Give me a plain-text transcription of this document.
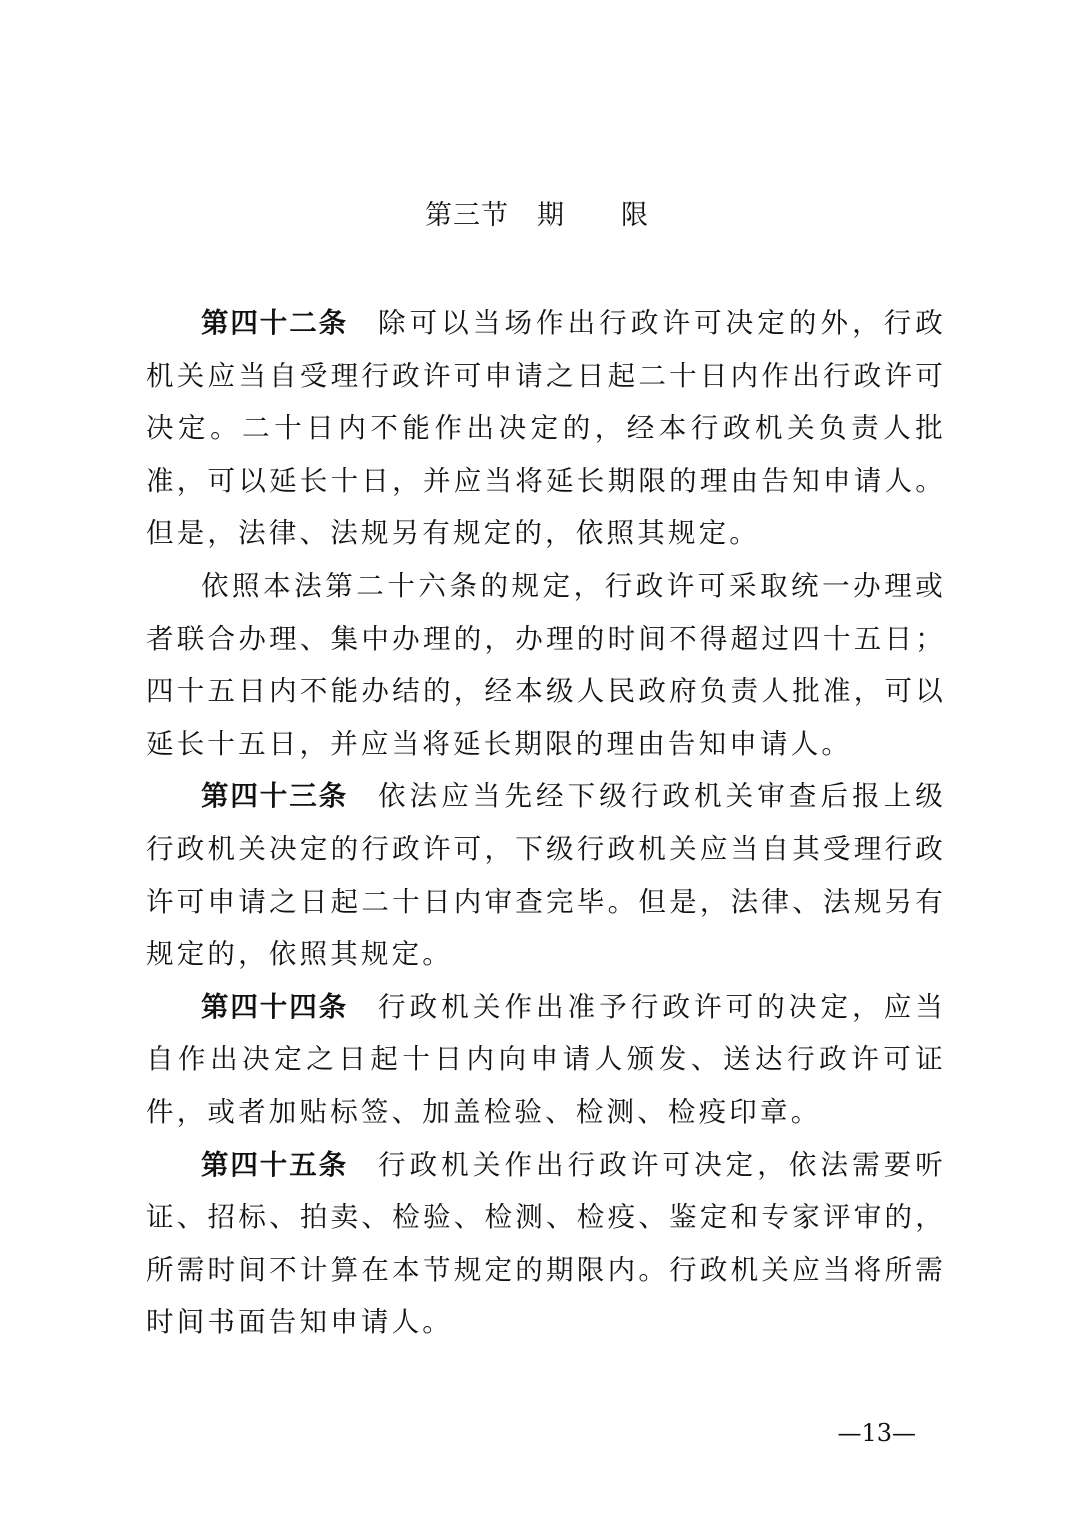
第三节　期　　限

第四十二条 除可以当场作出行政许可决定的外，行政机关应当自受理行政许可申请之日起二十日内作出行政许可决定。二十日内不能作出决定的，经本行政机关负责人批准，可以延长十日，并应当将延长期限的理由告知申请人。但是，法律、法规另有规定的，依照其规定。

依照本法第二十六条的规定，行政许可采取统一办理或者联合办理、集中办理的，办理的时间不得超过四十五日；四十五日内不能办结的，经本级人民政府负责人批准，可以延长十五日，并应当将延长期限的理由告知申请人。

第四十三条 依法应当先经下级行政机关审查后报上级行政机关决定的行政许可，下级行政机关应当自其受理行政许可申请之日起二十日内审查完毕。但是，法律、法规另有规定的，依照其规定。

第四十四条 行政机关作出准予行政许可的决定，应当自作出决定之日起十日内向申请人颁发、送达行政许可证件，或者加贴标签、加盖检验、检测、检疫印章。

第四十五条 行政机关作出行政许可决定，依法需要听证、招标、拍卖、检验、检测、检疫、鉴定和专家评审的，所需时间不计算在本节规定的期限内。行政机关应当将所需时间书面告知申请人。

—13—
